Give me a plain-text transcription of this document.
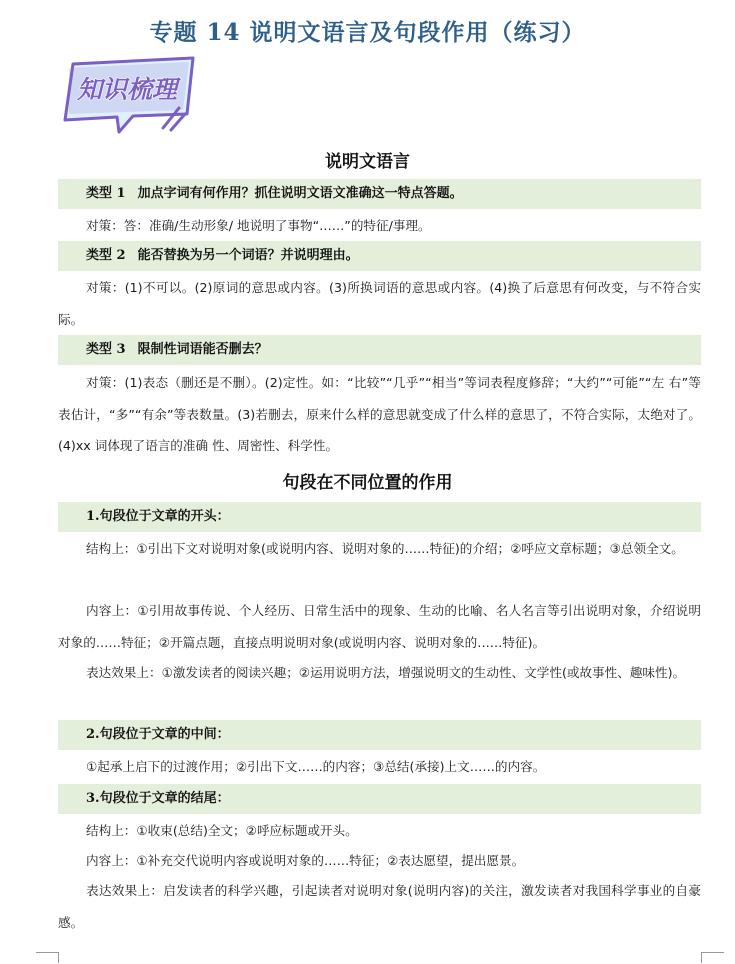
专题 14 说明文语言及句段作用（练习）
知识梳理
说明文语言
类型 1 加点字词有何作用？抓住说明文语文准确这一特点答题。
对策：答：准确/生动形象/ 地说明了事物“……”的特征/事理。
类型 2 能否替换为另一个词语？并说明理由。
对策：(1)不可以。(2)原词的意思或内容。(3)所换词语的意思或内容。(4)换了后意思有何改变，与不符合实际。
类型 3 限制性词语能否删去？
对策：(1)表态（删还是不删）。(2)定性。如：“比较”“几乎”“相当”等词表程度修辞；“大约”“可能”“左 右”等表估计，“多”“有余”等表数量。(3)若删去，原来什么样的意思就变成了什么样的意思了，不符合实际，太绝对了。(4)xx 词体现了语言的准确 性、周密性、科学性。
句段在不同位置的作用
1.句段位于文章的开头：
结构上：①引出下文对说明对象(或说明内容、说明对象的……特征)的介绍；②呼应文章标题；③总领全文。
内容上：①引用故事传说、个人经历、日常生活中的现象、生动的比喻、名人名言等引出说明对象，介绍说明对象的……特征；②开篇点题，直接点明说明对象(或说明内容、说明对象的……特征)。
表达效果上：①激发读者的阅读兴趣；②运用说明方法，增强说明文的生动性、文学性(或故事性、趣味性)。
2.句段位于文章的中间：
①起承上启下的过渡作用；②引出下文……的内容；③总结(承接)上文……的内容。
3.句段位于文章的结尾：
结构上：①收束(总结)全文；②呼应标题或开头。
内容上：①补充交代说明内容或说明对象的……特征；②表达愿望，提出愿景。
表达效果上：启发读者的科学兴趣，引起读者对说明对象(说明内容)的关注，激发读者对我国科学事业的自豪感。
